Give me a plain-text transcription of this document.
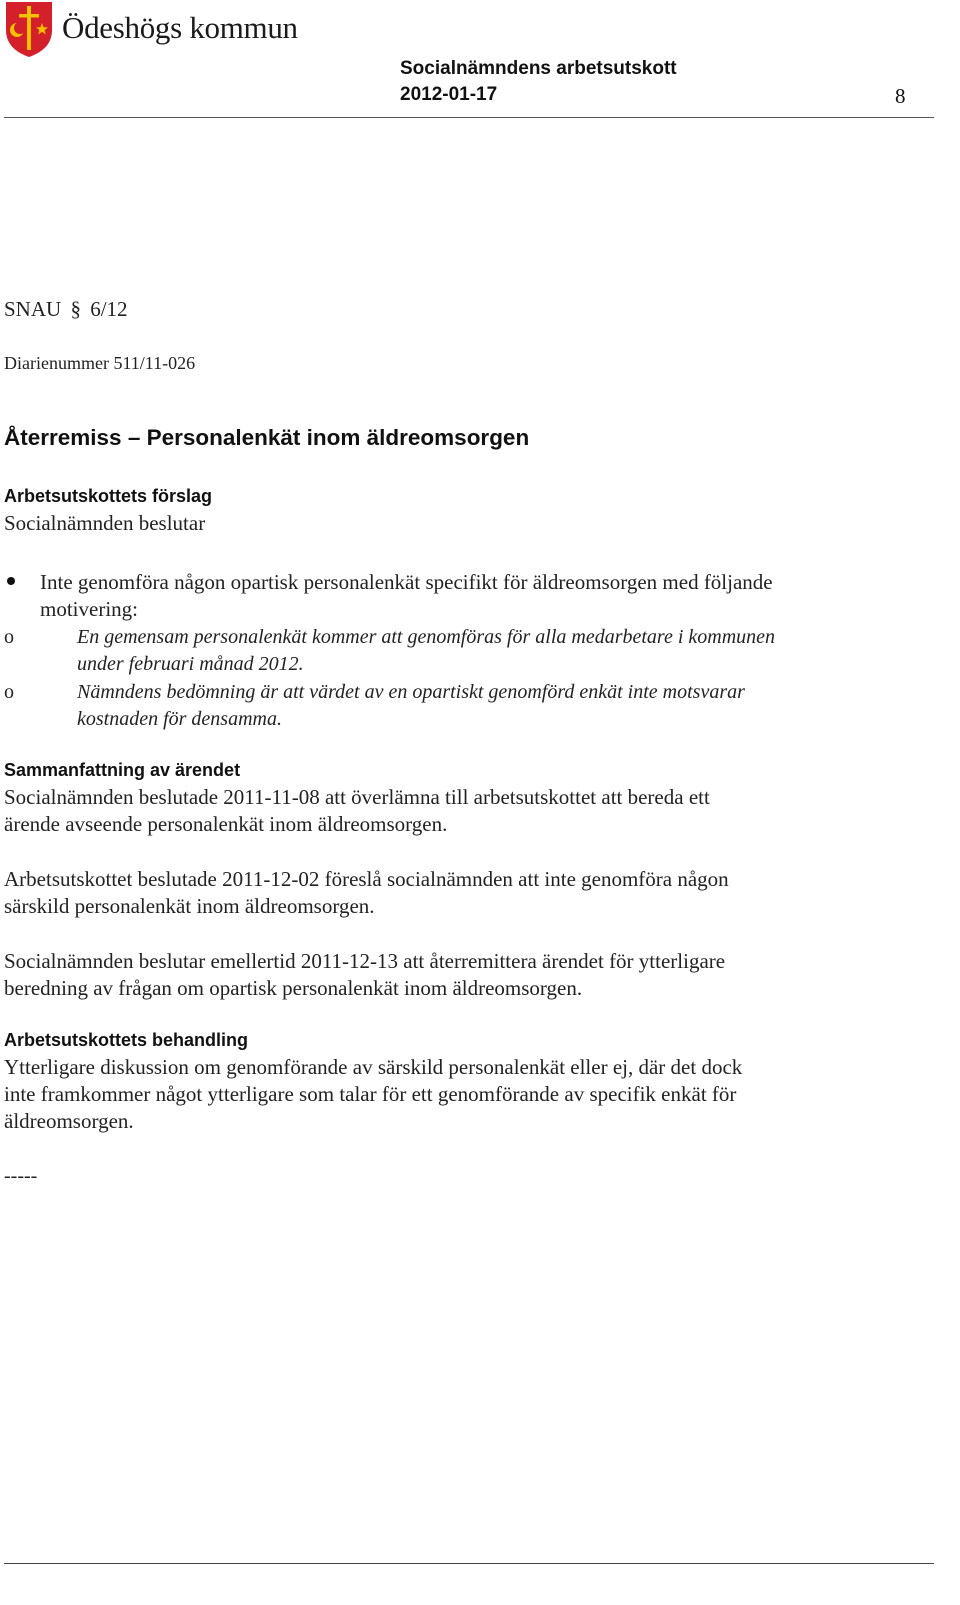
Ödeshögs kommun
Socialnämndens arbetsutskott
2012-01-17	8
SNAU § 6/12
Diarienummer 511/11-026
Återremiss – Personalenkät inom äldreomsorgen
Arbetsutskottets förslag
Socialnämnden beslutar
Inte genomföra någon opartisk personalenkät specifikt för äldreomsorgen med följande motivering:
o	En gemensam personalenkät kommer att genomföras för alla medarbetare i kommunen under februari månad 2012.
o	Nämndens bedömning är att värdet av en opartiskt genomförd enkät inte motsvarar kostnaden för densamma.
Sammanfattning av ärendet
Socialnämnden beslutade 2011-11-08 att överlämna till arbetsutskottet att bereda ett ärende avseende personalenkät inom äldreomsorgen.
Arbetsutskottet beslutade 2011-12-02 föreslå socialnämnden att inte genomföra någon särskild personalenkät inom äldreomsorgen.
Socialnämnden beslutar emellertid 2011-12-13 att återremittera ärendet för ytterligare beredning av frågan om opartisk personalenkät inom äldreomsorgen.
Arbetsutskottets behandling
Ytterligare diskussion om genomförande av särskild personalenkät eller ej, där det dock inte framkommer något ytterligare som talar för ett genomförande av specifik enkät för äldreomsorgen.
-----
